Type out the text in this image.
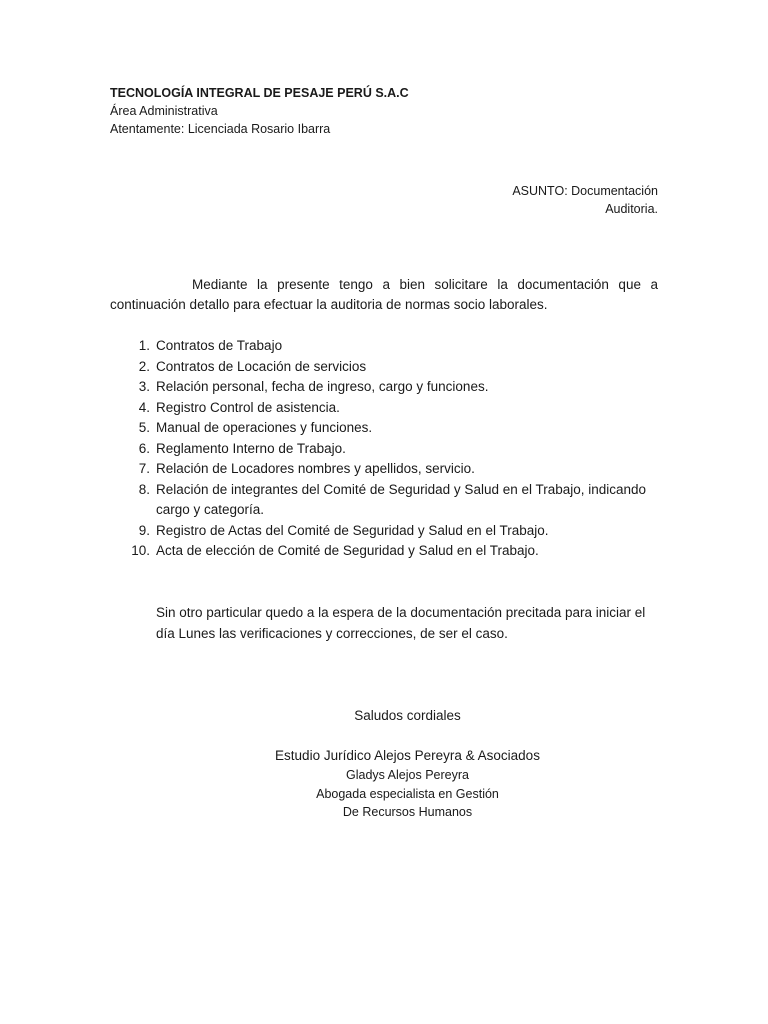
TECNOLOGÍA INTEGRAL DE PESAJE PERÚ S.A.C
Área Administrativa
Atentamente: Licenciada Rosario Ibarra
ASUNTO: Documentación
Auditoria.
Mediante la presente tengo a bien solicitare la documentación que a continuación detallo para efectuar la auditoria de normas socio laborales.
1. Contratos de Trabajo
2. Contratos de Locación de servicios
3. Relación personal, fecha de ingreso, cargo y funciones.
4. Registro Control de asistencia.
5. Manual de operaciones y funciones.
6. Reglamento Interno de Trabajo.
7. Relación de Locadores nombres y apellidos, servicio.
8. Relación de integrantes del Comité de Seguridad y Salud en el Trabajo, indicando cargo y categoría.
9. Registro de Actas del Comité de Seguridad y Salud en el Trabajo.
10. Acta de elección de Comité de Seguridad y Salud en el Trabajo.
Sin otro particular quedo a la espera de la documentación precitada para iniciar el día Lunes las verificaciones y correcciones, de ser el caso.
Saludos cordiales
Estudio Jurídico Alejos Pereyra & Asociados
Gladys Alejos Pereyra
Abogada especialista en Gestión
De Recursos Humanos
